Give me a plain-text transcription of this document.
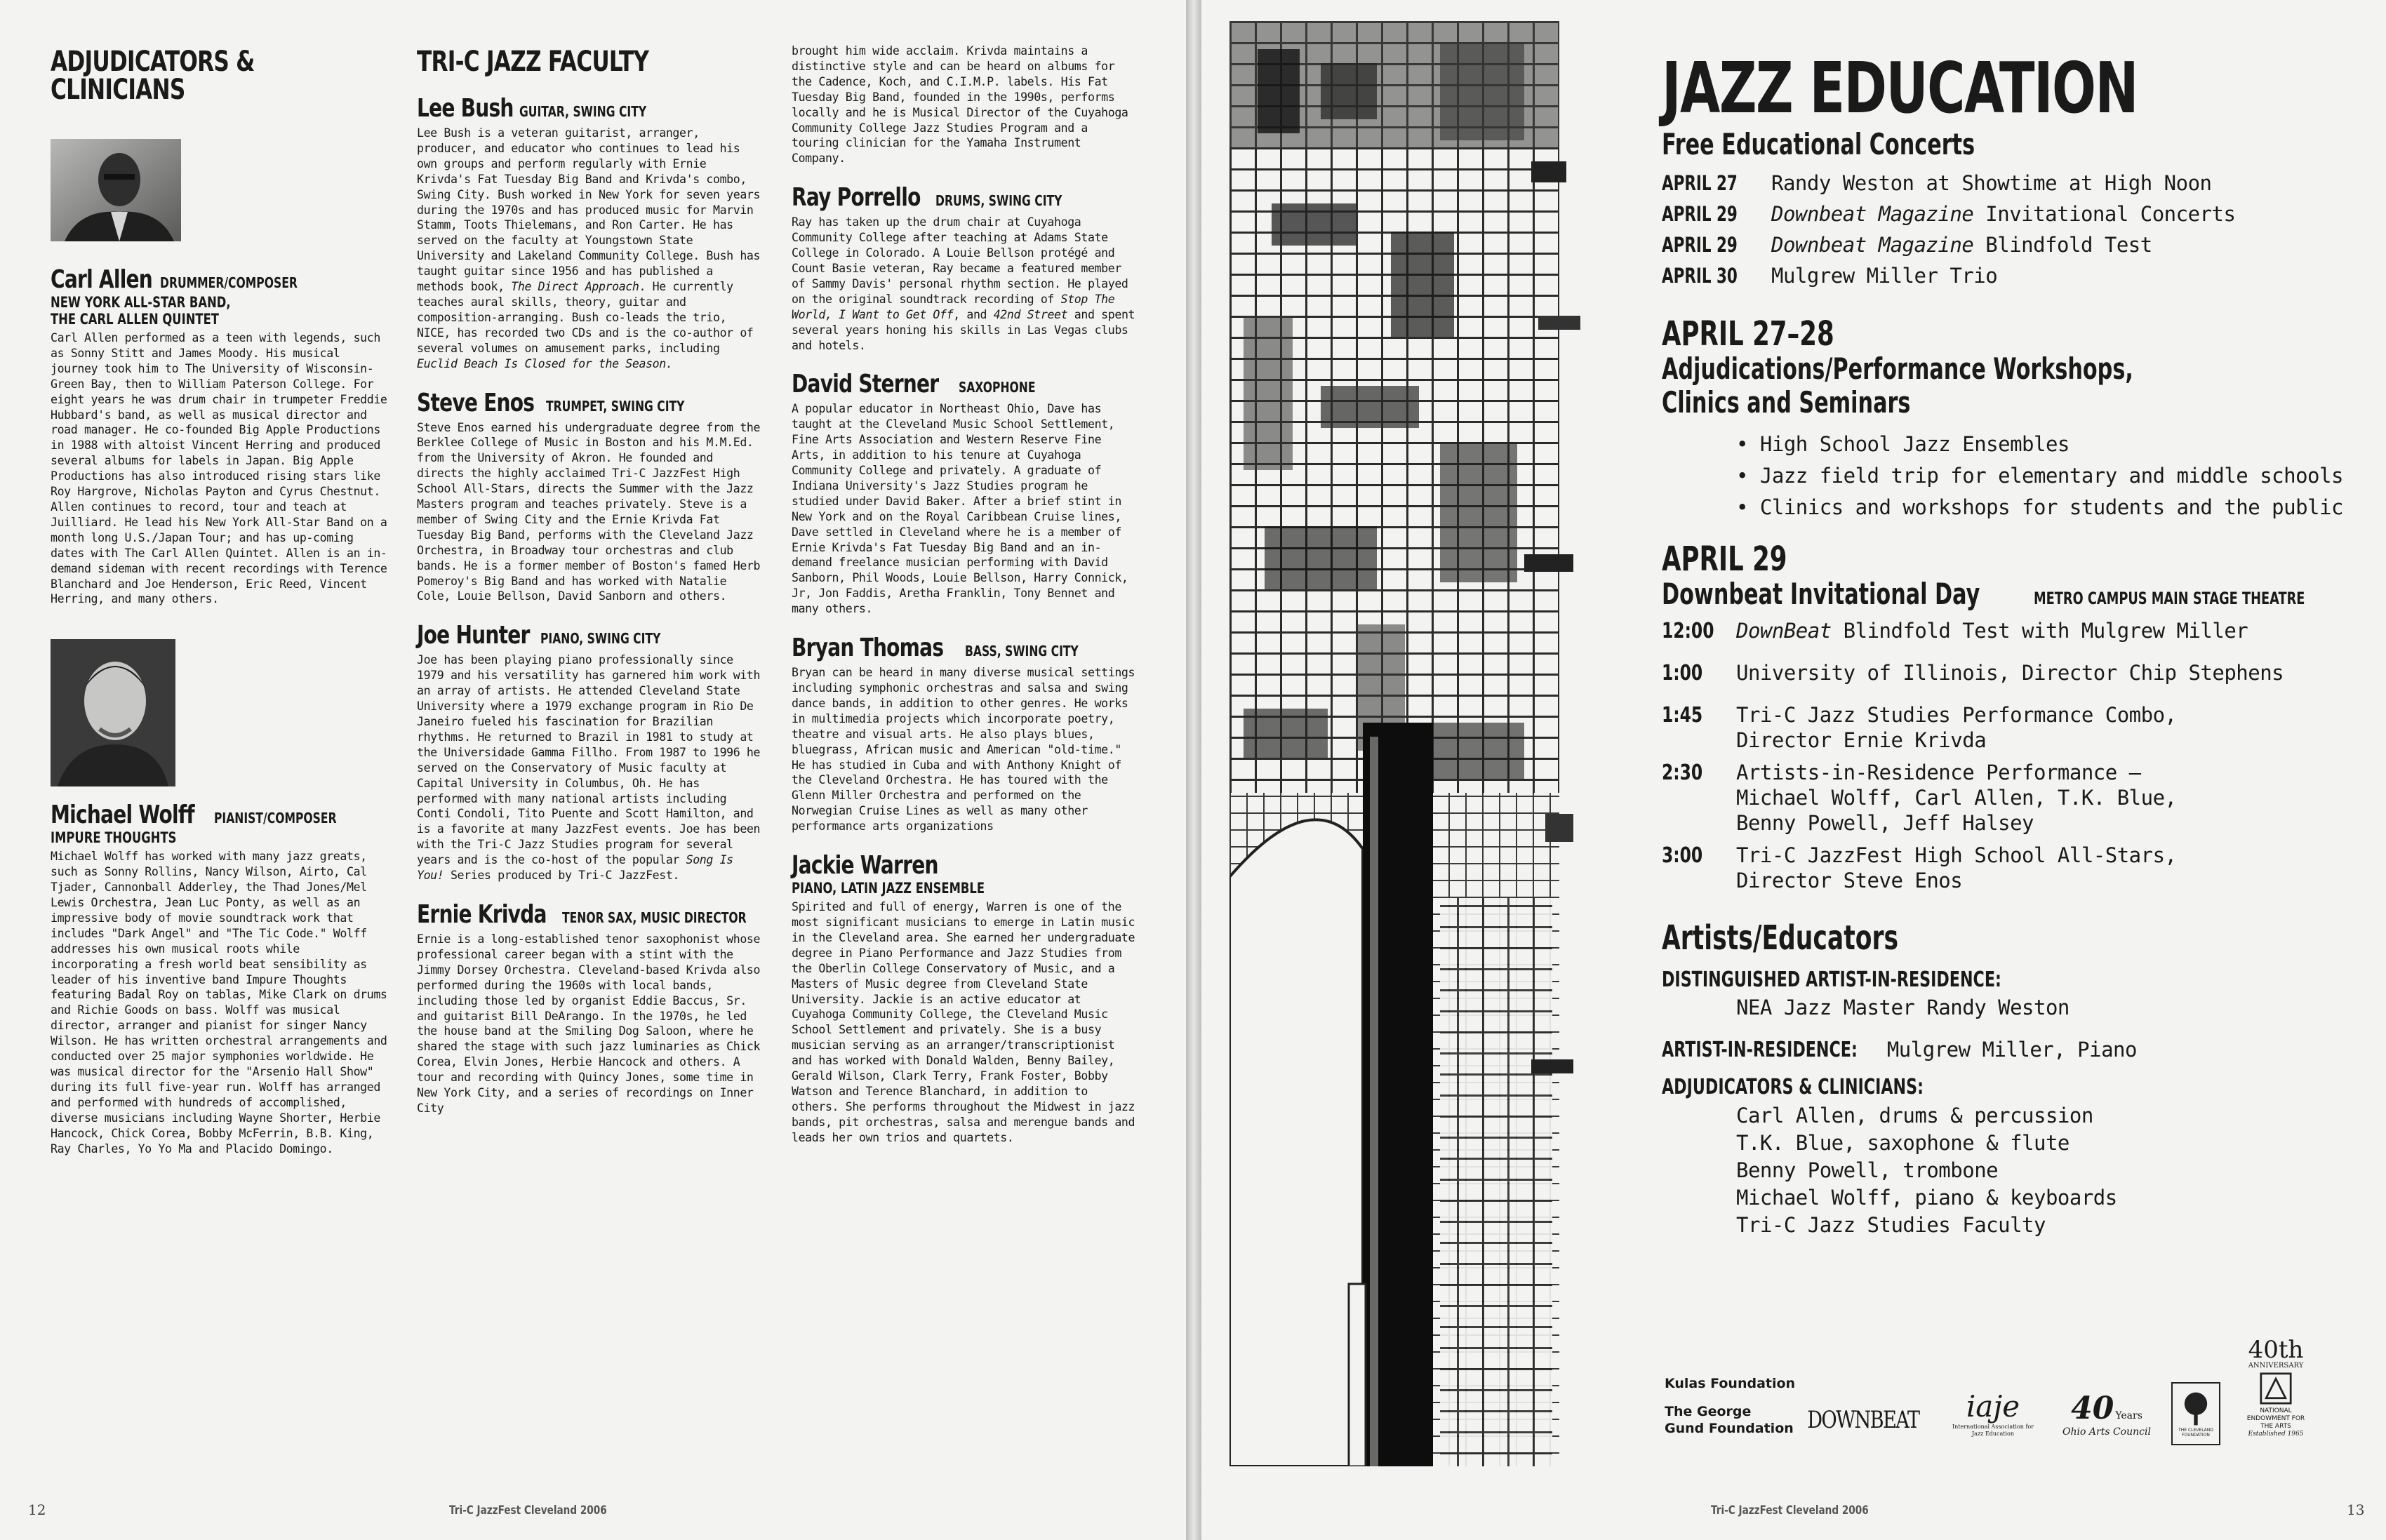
ADJUDICATORS &
CLINICIANS
Carl Allen DRUMMER/COMPOSER
NEW YORK ALL-STAR BAND,
THE CARL ALLEN QUINTET
Carl Allen performed as a teen with legends, such as Sonny Stitt and James Moody. His musical journey took him to The University of Wisconsin-Green Bay, then to William Paterson College. For eight years he was drum chair in trumpeter Freddie Hubbard's band, as well as musical director and road manager. He co-founded Big Apple Productions in 1988 with altoist Vincent Herring and produced several albums for labels in Japan. Big Apple Productions has also introduced rising stars like Roy Hargrove, Nicholas Payton and Cyrus Chestnut. Allen continues to record, tour and teach at Juilliard. He lead his New York All-Star Band on a month long U.S./Japan Tour; and has up-coming dates with The Carl Allen Quintet. Allen is an in-demand sideman with recent recordings with Terence Blanchard and Joe Henderson, Eric Reed, Vincent Herring, and many others.
Michael Wolff PIANIST/COMPOSER
IMPURE THOUGHTS
Michael Wolff has worked with many jazz greats, such as Sonny Rollins, Nancy Wilson, Airto, Cal Tjader, Cannonball Adderley, the Thad Jones/Mel Lewis Orchestra, Jean Luc Ponty, as well as an impressive body of movie soundtrack work that includes "Dark Angel" and "The Tic Code." Wolff addresses his own musical roots while incorporating a fresh world beat sensibility as leader of his inventive band Impure Thoughts featuring Badal Roy on tablas, Mike Clark on drums and Richie Goods on bass. Wolff was musical director, arranger and pianist for singer Nancy Wilson. He has written orchestral arrangements and conducted over 25 major symphonies worldwide. He was musical director for the "Arsenio Hall Show" during its full five-year run. Wolff has arranged and performed with hundreds of accomplished, diverse musicians including Wayne Shorter, Herbie Hancock, Chick Corea, Bobby McFerrin, B.B. King, Ray Charles, Yo Yo Ma and Placido Domingo.
TRI-C JAZZ FACULTY
Lee Bush GUITAR, SWING CITY
Lee Bush is a veteran guitarist, arranger, producer, and educator who continues to lead his own groups and perform regularly with Ernie Krivda's Fat Tuesday Big Band and Krivda's combo, Swing City. Bush worked in New York for seven years during the 1970s and has produced music for Marvin Stamm, Toots Thielemans, and Ron Carter. He has served on the faculty at Youngstown State University and Lakeland Community College. Bush has taught guitar since 1956 and has published a methods book, The Direct Approach. He currently teaches aural skills, theory, guitar and composition-arranging. Bush co-leads the trio, NICE, has recorded two CDs and is the co-author of several volumes on amusement parks, including Euclid Beach Is Closed for the Season.
Steve Enos TRUMPET, SWING CITY
Steve Enos earned his undergraduate degree from the Berklee College of Music in Boston and his M.M.Ed. from the University of Akron. He founded and directs the highly acclaimed Tri-C JazzFest High School All-Stars, directs the Summer with the Jazz Masters program and teaches privately. Steve is a member of Swing City and the Ernie Krivda Fat Tuesday Big Band, performs with the Cleveland Jazz Orchestra, in Broadway tour orchestras and club bands. He is a former member of Boston's famed Herb Pomeroy's Big Band and has worked with Natalie Cole, Louie Bellson, David Sanborn and others.
Joe Hunter PIANO, SWING CITY
Joe has been playing piano professionally since 1979 and his versatility has garnered him work with an array of artists. He attended Cleveland State University where a 1979 exchange program in Rio De Janeiro fueled his fascination for Brazilian rhythms. He returned to Brazil in 1981 to study at the Universidade Gamma Fillho. From 1987 to 1996 he served on the Conservatory of Music faculty at Capital University in Columbus, Oh. He has performed with many national artists including Conti Condoli, Tito Puente and Scott Hamilton, and is a favorite at many JazzFest events. Joe has been with the Tri-C Jazz Studies program for several years and is the co-host of the popular Song Is You! Series produced by Tri-C JazzFest.
Ernie Krivda TENOR SAX, MUSIC DIRECTOR
Ernie is a long-established tenor saxophonist whose professional career began with a stint with the Jimmy Dorsey Orchestra. Cleveland-based Krivda also performed during the 1960s with local bands, including those led by organist Eddie Baccus, Sr. and guitarist Bill DeArango. In the 1970s, he led the house band at the Smiling Dog Saloon, where he shared the stage with such jazz luminaries as Chick Corea, Elvin Jones, Herbie Hancock and others. A tour and recording with Quincy Jones, some time in New York City, and a series of recordings on Inner City
brought him wide acclaim. Krivda maintains a distinctive style and can be heard on albums for the Cadence, Koch, and C.I.M.P. labels. His Fat Tuesday Big Band, founded in the 1990s, performs locally and he is Musical Director of the Cuyahoga Community College Jazz Studies Program and a touring clinician for the Yamaha Instrument Company.
Ray Porrello DRUMS, SWING CITY
Ray has taken up the drum chair at Cuyahoga Community College after teaching at Adams State College in Colorado. A Louie Bellson protégé and Count Basie veteran, Ray became a featured member of Sammy Davis' personal rhythm section. He played on the original soundtrack recording of Stop The World, I Want to Get Off, and 42nd Street and spent several years honing his skills in Las Vegas clubs and hotels.
David Sterner SAXOPHONE
A popular educator in Northeast Ohio, Dave has taught at the Cleveland Music School Settlement, Fine Arts Association and Western Reserve Fine Arts, in addition to his tenure at Cuyahoga Community College and privately. A graduate of Indiana University's Jazz Studies program he studied under David Baker. After a brief stint in New York and on the Royal Caribbean Cruise lines, Dave settled in Cleveland where he is a member of Ernie Krivda's Fat Tuesday Big Band and an in-demand freelance musician performing with David Sanborn, Phil Woods, Louie Bellson, Harry Connick, Jr, Jon Faddis, Aretha Franklin, Tony Bennet and many others.
Bryan Thomas BASS, SWING CITY
Bryan can be heard in many diverse musical settings including symphonic orchestras and salsa and swing dance bands, in addition to other genres. He works in multimedia projects which incorporate poetry, theatre and visual arts. He also plays blues, bluegrass, African music and American "old-time." He has studied in Cuba and with Anthony Knight of the Cleveland Orchestra. He has toured with the Glenn Miller Orchestra and performed on the Norwegian Cruise Lines as well as many other performance arts organizations
Jackie Warren
PIANO, LATIN JAZZ ENSEMBLE
Spirited and full of energy, Warren is one of the most significant musicians to emerge in Latin music in the Cleveland area. She earned her undergraduate degree in Piano Performance and Jazz Studies from the Oberlin College Conservatory of Music, and a Masters of Music degree from Cleveland State University. Jackie is an active educator at Cuyahoga Community College, the Cleveland Music School Settlement and privately. She is a busy musician serving as an arranger/transcriptionist and has worked with Donald Walden, Benny Bailey, Gerald Wilson, Clark Terry, Frank Foster, Bobby Watson and Terence Blanchard, in addition to others. She performs throughout the Midwest in jazz bands, pit orchestras, salsa and merengue bands and leads her own trios and quartets.
12	Tri-C JazzFest Cleveland 2006
JAZZ EDUCATION
Free Educational Concerts
APRIL 27 Randy Weston at Showtime at High Noon
APRIL 29 Downbeat Magazine Invitational Concerts
APRIL 29 Downbeat Magazine Blindfold Test
APRIL 30 Mulgrew Miller Trio
APRIL 27–28
Adjudications/Performance Workshops,
Clinics and Seminars
• High School Jazz Ensembles
• Jazz field trip for elementary and middle schools
• Clinics and workshops for students and the public
APRIL 29
Downbeat Invitational Day	METRO CAMPUS MAIN STAGE THEATRE
12:00 DownBeat Blindfold Test with Mulgrew Miller
1:00	University of Illinois, Director Chip Stephens
1:45	Tri-C Jazz Studies Performance Combo,
Director Ernie Krivda
2:30	Artists-in-Residence Performance –
Michael Wolff, Carl Allen, T.K. Blue,
Benny Powell, Jeff Halsey
3:00	Tri-C JazzFest High School All-Stars,
Director Steve Enos
Artists/Educators
DISTINGUISHED ARTIST-IN-RESIDENCE:
NEA Jazz Master Randy Weston
ARTIST-IN-RESIDENCE: Mulgrew Miller, Piano
ADJUDICATORS & CLINICIANS:
Carl Allen, drums & percussion
T.K. Blue, saxophone & flute
Benny Powell, trombone
Michael Wolff, piano & keyboards
Tri-C Jazz Studies Faculty
Kulas Foundation
The George
Gund Foundation DOWNBEAT iaje
International Association for Jazz Education
40 Years
Ohio Arts Council	THE CLEVELAND FOUNDATION
40th
ANNIVERSARY
NATIONAL ENDOWMENT FOR THE ARTS
Established 1965
Tri-C JazzFest Cleveland 2006	13
